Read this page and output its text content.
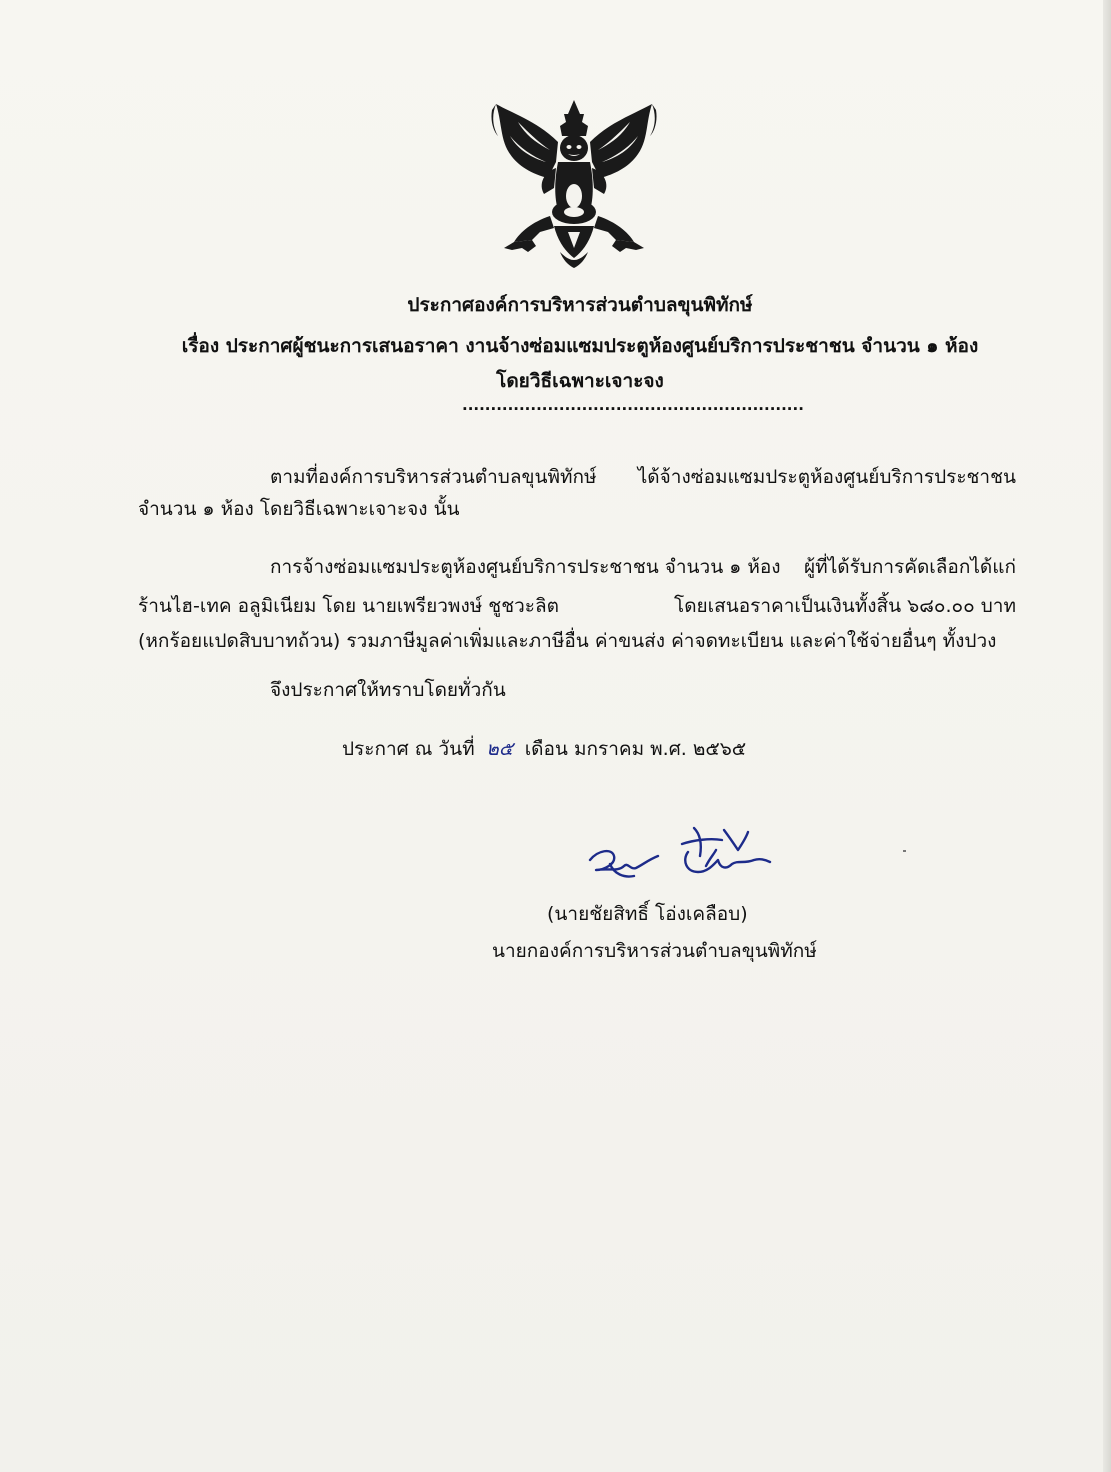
ประกาศองค์การบริหารส่วนตำบลขุนพิทักษ์
เรื่อง ประกาศผู้ชนะการเสนอราคา งานจ้างซ่อมแซมประตูห้องศูนย์บริการประชาชน จำนวน ๑ ห้อง
โดยวิธีเฉพาะเจาะจง
............................................................
ตามที่องค์การบริหารส่วนตำบลขุนพิทักษ์ ได้จ้างซ่อมแซมประตูห้องศูนย์บริการประชาชน
จำนวน ๑ ห้อง โดยวิธีเฉพาะเจาะจง นั้น
การจ้างซ่อมแซมประตูห้องศูนย์บริการประชาชน จำนวน ๑ ห้อง ผู้ที่ได้รับการคัดเลือกได้แก่
ร้านไฮ-เทค อลูมิเนียม โดย นายเพรียวพงษ์ ชูชวะลิต	โดยเสนอราคาเป็นเงินทั้งสิ้น ๖๘๐.๐๐ บาท
(หกร้อยแปดสิบบาทถ้วน) รวมภาษีมูลค่าเพิ่มและภาษีอื่น ค่าขนส่ง ค่าจดทะเบียน และค่าใช้จ่ายอื่นๆ ทั้งปวง
จึงประกาศให้ทราบโดยทั่วกัน
ประกาศ ณ วันที่ ๒๕ เดือน มกราคม พ.ศ. ๒๕๖๕
(นายชัยสิทธิ์ โอ่งเคลือบ)
นายกองค์การบริหารส่วนตำบลขุนพิทักษ์
